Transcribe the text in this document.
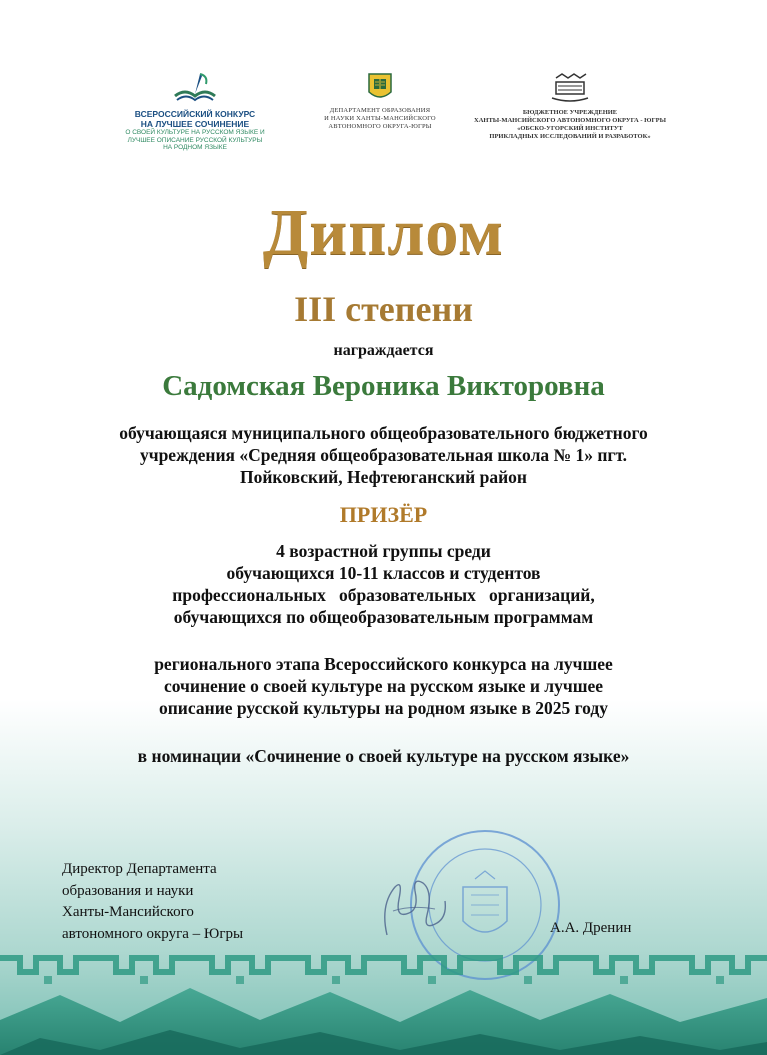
ВСЕРОССИЙСКИЙ КОНКУРС
НА ЛУЧШЕЕ СОЧИНЕНИЕ
О СВОЕЙ КУЛЬТУРЕ НА РУССКОМ ЯЗЫКЕ И
ЛУЧШЕЕ ОПИСАНИЕ РУССКОЙ КУЛЬТУРЫ
НА РОДНОМ ЯЗЫКЕ
ДЕПАРТАМЕНТ ОБРАЗОВАНИЯ
И НАУКИ ХАНТЫ-МАНСИЙСКОГО
АВТОНОМНОГО ОКРУГА-ЮГРЫ
БЮДЖЕТНОЕ УЧРЕЖДЕНИЕ
ХАНТЫ-МАНСИЙСКОГО АВТОНОМНОГО ОКРУГА - ЮГРЫ
«ОБСКО-УГОРСКИЙ ИНСТИТУТ
ПРИКЛАДНЫХ ИССЛЕДОВАНИЙ И РАЗРАБОТОК»
Диплом
III степени
награждается
Садомская Вероника Викторовна
обучающаяся муниципального общеобразовательного бюджетного
учреждения «Средняя общеобразовательная школа № 1» пгт.
Пойковский, Нефтеюганский район
ПРИЗЁР
4 возрастной группы среди
обучающихся 10-11 классов и студентов
профессиональных   образовательных   организаций,
обучающихся по общеобразовательным программам
регионального этапа Всероссийского конкурса на лучшее
сочинение о своей культуре на русском языке и лучшее
описание русской культуры на родном языке в 2025 году
в номинации «Сочинение о своей культуре на русском языке»
Директор Департамента
образования и науки
Ханты-Мансийского
автономного округа – Югры	А.А. Дренин
